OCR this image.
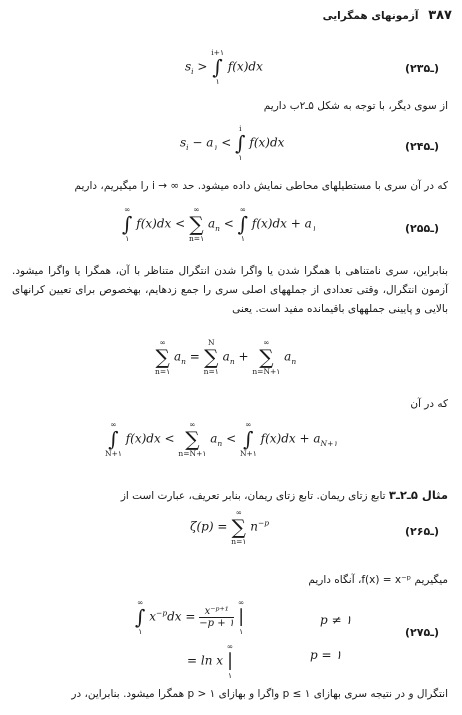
۳۸۷ آزمونهای همگرایی
$s_i$ >
i+۱
∫
۱
f(x)dx	(۲۳ـ۵)
از سوی دیگر، با توجه به شکل ۵ـ۲ب داریم
$s_i - a_۱$ <
i
∫
۱
f(x)dx	(۲۴ـ۵)
که در آن سری با مستطیلهای محاطی نمایش داده میشود. حد ∞ → i را میگیریم، داریم
∞
∫
۱
f(x)dx <
∞
∑
n=۱
$a_n$ <
∞
∫
۱
$f(x)dx + a_۱$	(۲۵ـ۵)
بنابراین، سری نامتناهی با همگرا شدن یا واگرا شدن انتگرال متناظر با آن، همگرا یا واگرا میشود. آزمون انتگرال، وقتی تعدادی از جملههای اصلی سری را جمع زدهایم، بهخصوص برای تعیین کرانهای بالایی و پایینی جملههای باقیمانده مفید است. یعنی
∞
∑
n=۱
$a_n$ =
N
∑
n=۱
$a_n$ +
∞
∑
n=N+۱
$a_n$
که در آن
∞
∫
N+۱
f(x)dx <
∞
∑
n=N+۱
$a_n$ <
∞
∫
N+۱
$f(x)dx + a_{N+۱}$
مثال ۵ـ۲ـ۳ تابع زتای ریمان. تابع زتای ریمان، بنابر تعریف، عبارت است از
ζ(p) =
∞
∑
n=۱
$n^{-p}$
(۲۶ـ۵)
میگیریم f(x) = x⁻ᵖ، آنگاه داریم
∞
∫
۱
$x^{-p}dx = \frac{\text{x⁻ᵖ⁺¹}}{-p + ۱}$

∞
|
۱
p ≠ ۱
= ln x
∞
|
۱
p = ۱
(۲۷ـ۵)
انتگرال و در نتیجه سری بهازای ۱ ≥ p واگرا و بهازای ۱ < p همگرا میشود. بنابراین، در
